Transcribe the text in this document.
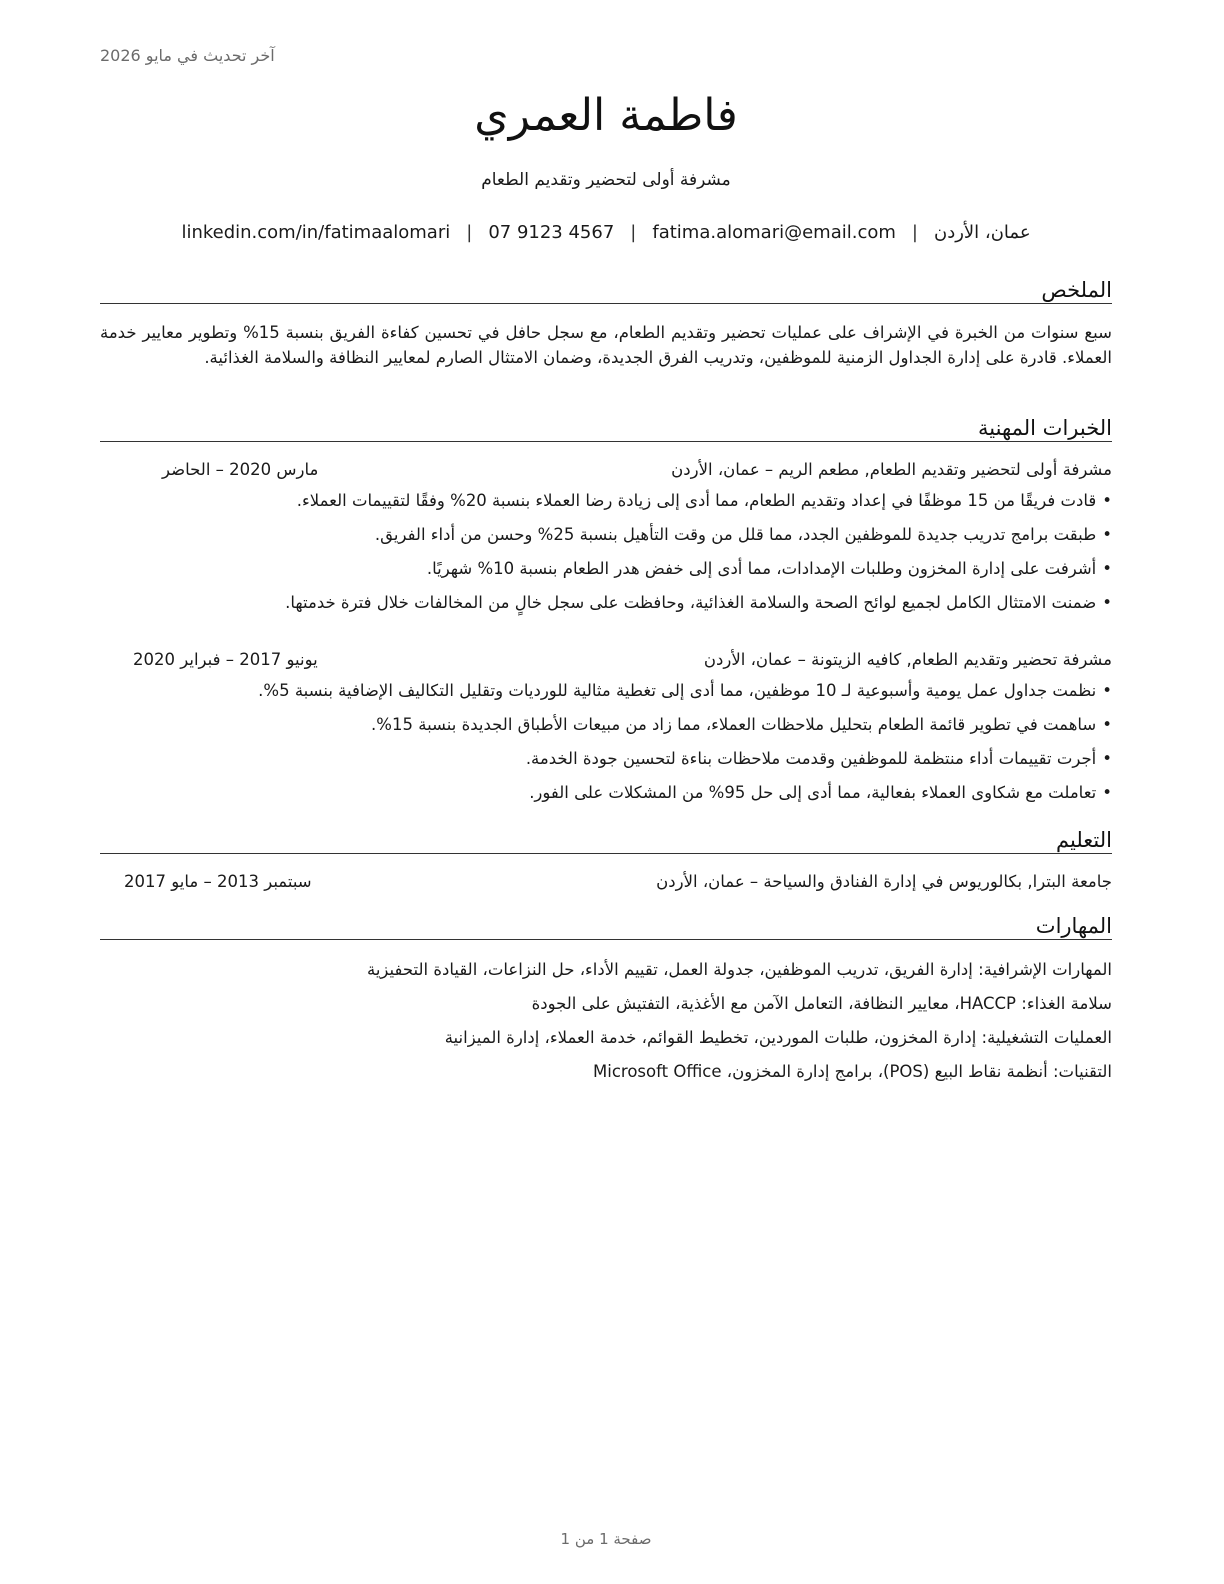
آخر تحديث في مايو 2026
فاطمة العمري
مشرفة أولى لتحضير وتقديم الطعام
عمان، الأردن
|
fatima.alomari@email.com
|
07 9123 4567
|
linkedin.com/in/fatimaalomari
الملخص

سبع سنوات من الخبرة في الإشراف على عمليات تحضير وتقديم الطعام، مع سجل حافل في تحسين كفاءة الفريق بنسبة 15% وتطوير معايير خدمة العملاء. قادرة على إدارة الجداول الزمنية للموظفين، وتدريب الفرق الجديدة، وضمان الامتثال الصارم لمعايير النظافة والسلامة الغذائية.

الخبرات المهنية
مشرفة أولى لتحضير وتقديم الطعام, مطعم الريم – عمان، الأردن
مارس 2020 – الحاضر
•قادت فريقًا من 15 موظفًا في إعداد وتقديم الطعام، مما أدى إلى زيادة رضا العملاء بنسبة 20% وفقًا لتقييمات العملاء.
•طبقت برامج تدريب جديدة للموظفين الجدد، مما قلل من وقت التأهيل بنسبة 25% وحسن من أداء الفريق.
•أشرفت على إدارة المخزون وطلبات الإمدادات، مما أدى إلى خفض هدر الطعام بنسبة 10% شهريًا.
•ضمنت الامتثال الكامل لجميع لوائح الصحة والسلامة الغذائية، وحافظت على سجل خالٍ من المخالفات خلال فترة خدمتها.
مشرفة تحضير وتقديم الطعام, كافيه الزيتونة – عمان، الأردن
يونيو 2017 – فبراير 2020
•نظمت جداول عمل يومية وأسبوعية لـ 10 موظفين، مما أدى إلى تغطية مثالية للورديات وتقليل التكاليف الإضافية بنسبة 5%.
•ساهمت في تطوير قائمة الطعام بتحليل ملاحظات العملاء، مما زاد من مبيعات الأطباق الجديدة بنسبة 15%.
•أجرت تقييمات أداء منتظمة للموظفين وقدمت ملاحظات بناءة لتحسين جودة الخدمة.
•تعاملت مع شكاوى العملاء بفعالية، مما أدى إلى حل 95% من المشكلات على الفور.
التعليم
جامعة البترا, بكالوريوس في إدارة الفنادق والسياحة – عمان، الأردن
سبتمبر 2013 – مايو 2017
المهارات
المهارات الإشرافية: إدارة الفريق، تدريب الموظفين، جدولة العمل، تقييم الأداء، حل النزاعات، القيادة التحفيزية
سلامة الغذاء: HACCP، معايير النظافة، التعامل الآمن مع الأغذية، التفتيش على الجودة
العمليات التشغيلية: إدارة المخزون، طلبات الموردين، تخطيط القوائم، خدمة العملاء، إدارة الميزانية
التقنيات: أنظمة نقاط البيع (POS)، برامج إدارة المخزون، Microsoft Office
صفحة 1 من 1
